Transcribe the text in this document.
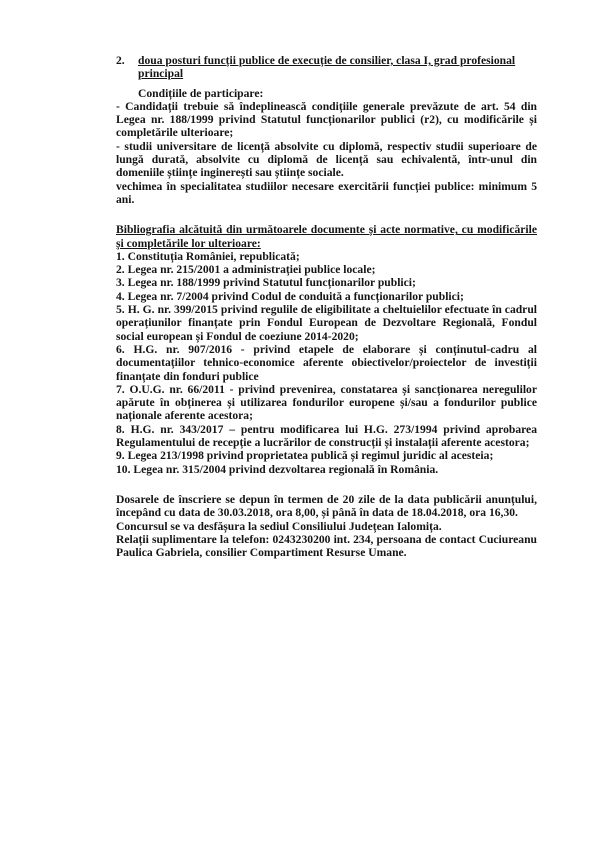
2.	doua posturi funcții publice de execuție de consilier, clasa I, grad profesional principal

Condițiile de participare:

- Candidații trebuie să îndeplinească condițiile generale prevăzute de art. 54 din Legea nr. 188/1999 privind Statutul funcționarilor publici (r2), cu modificările și completările ulterioare;

- studii universitare de licență absolvite cu diplomă, respectiv studii superioare de lungă durată, absolvite cu diplomă de licență sau echivalentă, într-unul din domeniile științe inginerești sau științe sociale.

vechimea în specialitatea studiilor necesare exercitării funcției publice: minimum 5 ani.

Bibliografia alcătuită din următoarele documente și acte normative, cu modificările și completările lor ulterioare:

1. Constituția României, republicată;

2. Legea nr. 215/2001 a administrației publice locale;

3. Legea nr. 188/1999 privind Statutul funcționarilor publici;

4. Legea nr. 7/2004 privind Codul de conduită a funcționarilor publici;

5. H. G. nr. 399/2015 privind regulile de eligibilitate a cheltuielilor efectuate în cadrul operațiunilor finanțate prin Fondul European de Dezvoltare Regională, Fondul social european și Fondul de coeziune 2014-2020;

6. H.G. nr. 907/2016 - privind etapele de elaborare și conținutul-cadru al documentațiilor tehnico-economice aferente obiectivelor/proiectelor de investiții finanțate din fonduri publice

7. O.U.G. nr. 66/2011 - privind prevenirea, constatarea și sancționarea neregulilor apărute în obținerea și utilizarea fondurilor europene și/sau a fondurilor publice naționale aferente acestora;

8. H.G. nr. 343/2017 – pentru modificarea lui H.G. 273/1994 privind aprobarea Regulamentului de recepție a lucrărilor de construcții și instalații aferente acestora;

9. Legea 213/1998 privind proprietatea publică și regimul juridic al acesteia;

10. Legea nr. 315/2004 privind dezvoltarea regională în România.

Dosarele de înscriere se depun în termen de 20 zile de la data publicării anunțului, începând cu data de 30.03.2018, ora 8,00, și până în data de 18.04.2018, ora 16,30.

Concursul se va desfășura la sediul Consiliului Județean Ialomița.

Relații suplimentare la telefon: 0243230200 int. 234, persoana de contact Cuciureanu Paulica Gabriela, consilier Compartiment Resurse Umane.
